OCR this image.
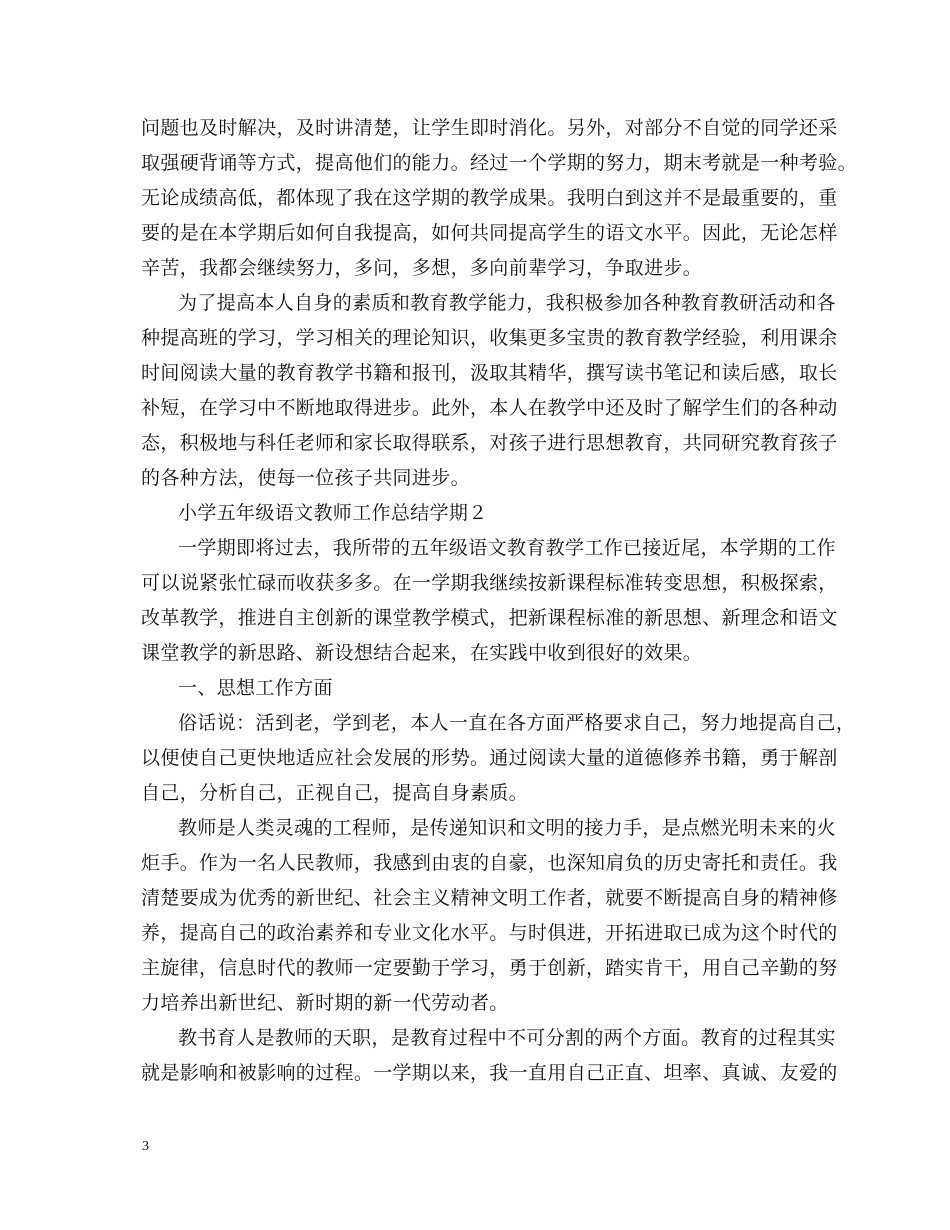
问题也及时解决，及时讲清楚，让学生即时消化。另外，对部分不自觉的同学还采
取强硬背诵等方式，提高他们的能力。经过一个学期的努力，期末考就是一种考验。
无论成绩高低，都体现了我在这学期的教学成果。我明白到这并不是最重要的，重
要的是在本学期后如何自我提高，如何共同提高学生的语文水平。因此，无论怎样
辛苦，我都会继续努力，多问，多想，多向前辈学习，争取进步。
为了提高本人自身的素质和教育教学能力，我积极参加各种教育教研活动和各
种提高班的学习，学习相关的理论知识，收集更多宝贵的教育教学经验，利用课余
时间阅读大量的教育教学书籍和报刊，汲取其精华，撰写读书笔记和读后感，取长
补短，在学习中不断地取得进步。此外，本人在教学中还及时了解学生们的各种动
态，积极地与科任老师和家长取得联系，对孩子进行思想教育，共同研究教育孩子
的各种方法，使每一位孩子共同进步。
小学五年级语文教师工作总结学期２
一学期即将过去，我所带的五年级语文教育教学工作已接近尾，本学期的工作
可以说紧张忙碌而收获多多。在一学期我继续按新课程标准转变思想，积极探索，
改革教学，推进自主创新的课堂教学模式，把新课程标准的新思想、新理念和语文
课堂教学的新思路、新设想结合起来，在实践中收到很好的效果。
一、思想工作方面
俗话说：活到老，学到老，本人一直在各方面严格要求自己，努力地提高自己，
以便使自己更快地适应社会发展的形势。通过阅读大量的道德修养书籍，勇于解剖
自己，分析自己，正视自己，提高自身素质。
教师是人类灵魂的工程师，是传递知识和文明的接力手，是点燃光明未来的火
炬手。作为一名人民教师，我感到由衷的自豪，也深知肩负的历史寄托和责任。我
清楚要成为优秀的新世纪、社会主义精神文明工作者，就要不断提高自身的精神修
养，提高自己的政治素养和专业文化水平。与时俱进，开拓进取已成为这个时代的
主旋律，信息时代的教师一定要勤于学习，勇于创新，踏实肯干，用自己辛勤的努
力培养出新世纪、新时期的新一代劳动者。
教书育人是教师的天职，是教育过程中不可分割的两个方面。教育的过程其实
就是影响和被影响的过程。一学期以来，我一直用自己正直、坦率、真诚、友爱的
3
